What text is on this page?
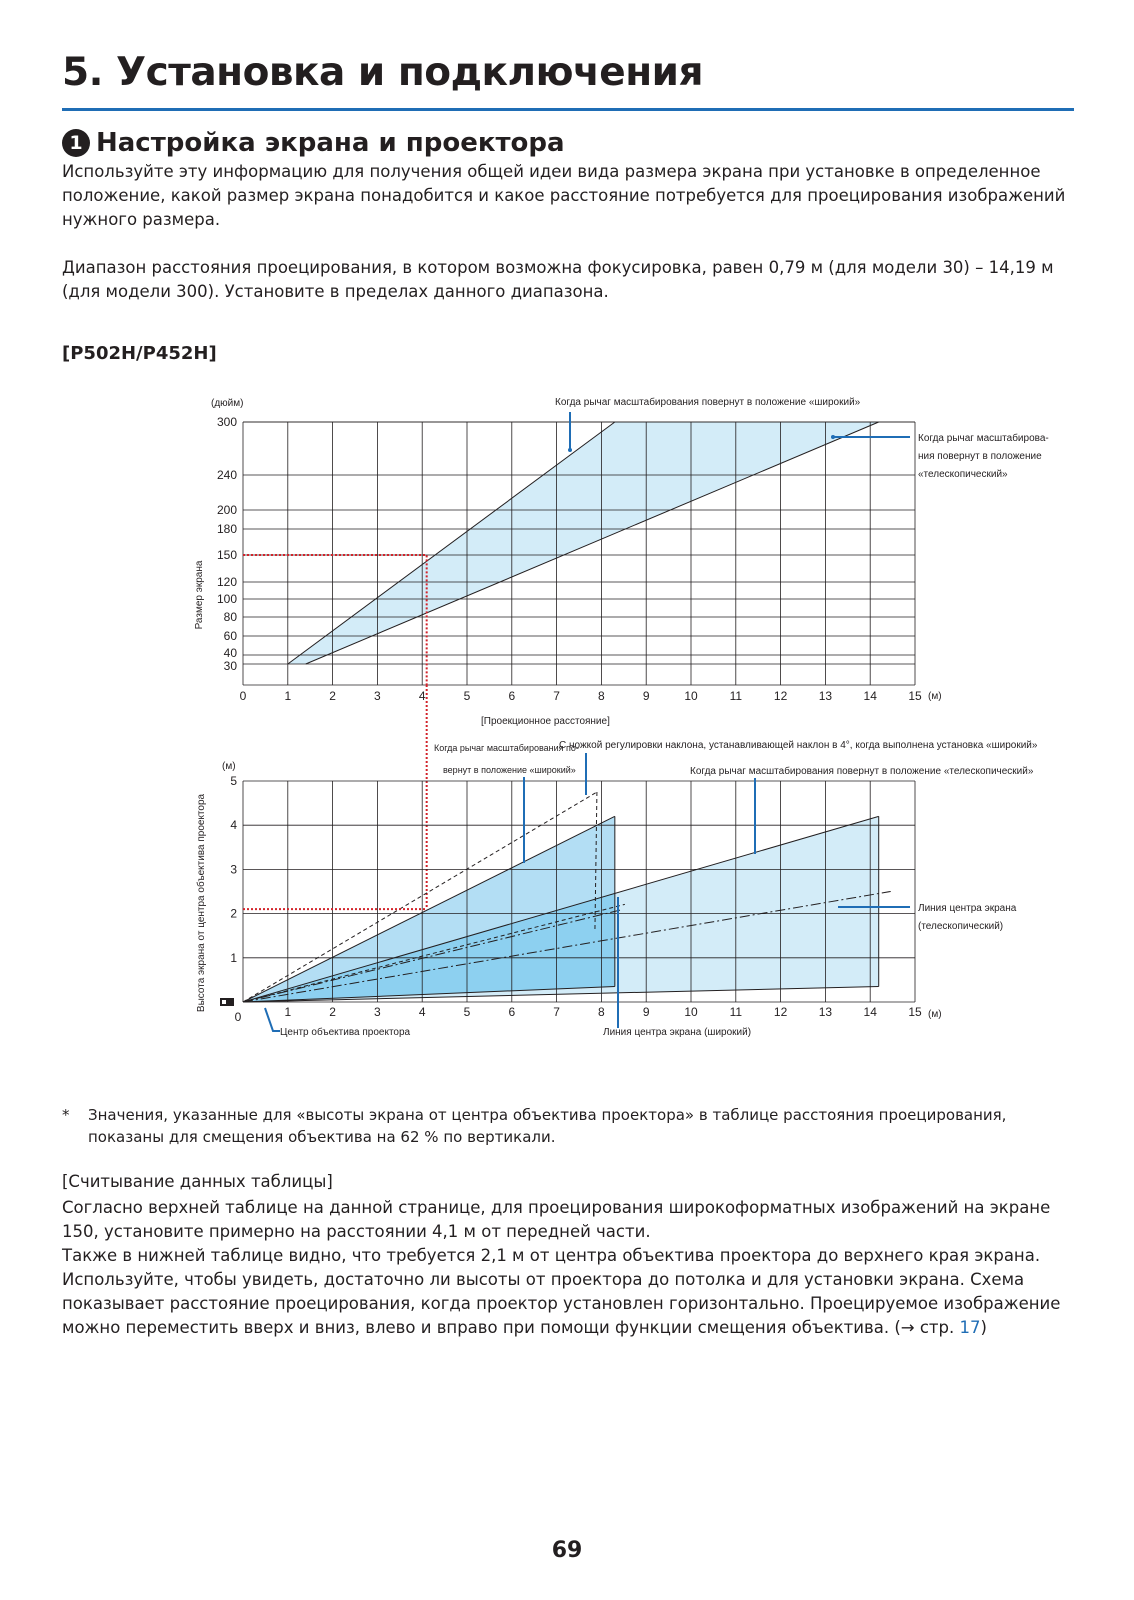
5. Установка и подключения
1 Настройка экрана и проектора

Используйте эту информацию для получения общей идеи вида размера экрана при установке в определенное положение, какой размер экрана понадобится и какое расстояние потребуется для проецирования изображений нужного размера.

Диапазон расстояния проецирования, в котором возможна фокусировка, равен 0,79 м (для модели 30) – 14,19 м (для модели 300). Установите в пределах данного диапазона.

[P502H/P452H]
0	1	2	3	4	5	6	7	8	9	10	11	12	13	14	15
30
40
60
80
100
120
150
180
200
240
300
(дюйм)
(м)
[Проекционное расстояние]
Размер экрана
Когда рычаг масштабирования повернут в положение «широкий»
Когда рычаг масштабирова-
ния повернут в положение
«телескопический»
0	1	2	3	4	5	6	7	8	9	10	11	12	13	14	15
1
2
3
4
5
(м)
(м)
Высота экрана от центра объектива проектора
Когда рычаг масштабирования по-
вернут в положение «широкий»
С ножкой регулировки наклона, устанавливающей наклон в 4°, когда выполнена установка «широкий»
Когда рычаг масштабирования повернут в положение «телескопический»
Линия центра экрана
(телескопический)
Центр объектива проектора	Линия центра экрана (широкий)
*	Значения, указанные для «высоты экрана от центра объектива проектора» в таблице расстояния проецирования, показаны для смещения объектива на 62 % по вертикали.
[Считывание данных таблицы]

Согласно верхней таблице на данной странице, для проецирования широкоформатных изображений на экране 150, установите примерно на расстоянии 4,1 м от передней части.
Также в нижней таблице видно, что требуется 2,1 м от центра объектива проектора до верхнего края экрана. Используйте, чтобы увидеть, достаточно ли высоты от проектора до потолка и для установки экрана. Схема показывает расстояние проецирования, когда проектор установлен горизонтально. Проецируемое изображение можно переместить вверх и вниз, влево и вправо при помощи функции смещения объектива. (→ стр. 17)

69
